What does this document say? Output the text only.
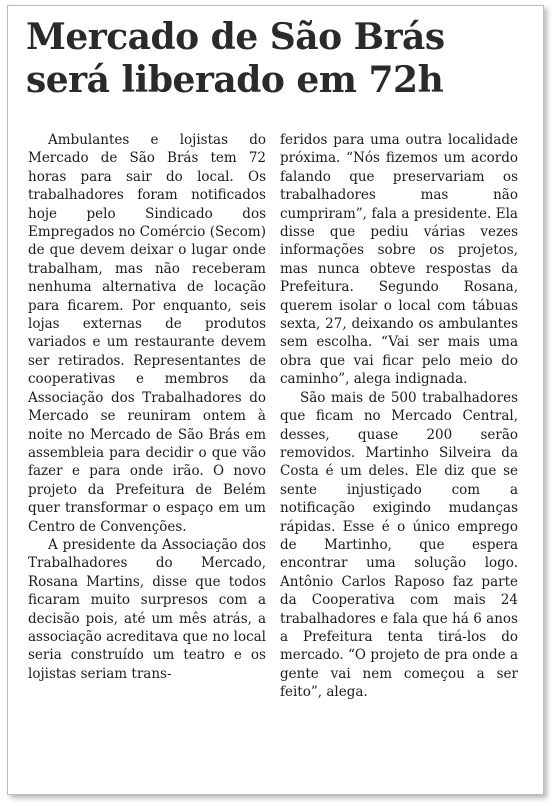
Mercado de São Brás
será liberado em 72h

Ambulantes e lojistas do Mercado de São Brás tem 72 horas para sair do local. Os trabalhadores foram notificados hoje pelo Sindicado dos Empregados no Comércio (Secom) de que devem deixar o lugar onde trabalham, mas não receberam nenhuma alternativa de locação para ficarem. Por enquanto, seis lojas externas de produtos variados e um restaurante devem ser retirados. Representantes de cooperativas e membros da Associação dos Trabalhadores do Mercado se reuniram ontem à noite no Mercado de São Brás em assembleia para decidir o que vão fazer e para onde irão. O novo projeto da Prefeitura de Belém quer transformar o espaço em um Centro de Convenções.

A presidente da Associação dos Trabalhadores do Mercado, Rosana Martins, disse que todos ficaram muito surpresos com a decisão pois, até um mês atrás, a associação acreditava que no local seria construído um teatro e os lojistas seriam trans-

feridos para uma outra localidade próxima. “Nós fizemos um acordo falando que preservariam os trabalhadores mas não cumpriram”, fala a presidente. Ela disse que pediu várias vezes informações sobre os projetos, mas nunca obteve respostas da Prefeitura. Segundo Rosana, querem isolar o local com tábuas sexta, 27, deixando os ambulantes sem escolha. “Vai ser mais uma obra que vai ficar pelo meio do caminho”, alega indignada.

São mais de 500 trabalhadores que ficam no Mercado Central, desses, quase 200 serão removidos. Martinho Silveira da Costa é um deles. Ele diz que se sente injustiçado com a notificação exigindo mudanças rápidas. Esse é o único emprego de Martinho, que espera encontrar uma solução logo. Antônio Carlos Raposo faz parte da Cooperativa com mais 24 trabalhadores e fala que há 6 anos a Prefeitura tenta tirá-los do mercado. “O projeto de pra onde a gente vai nem começou a ser feito”, alega.
